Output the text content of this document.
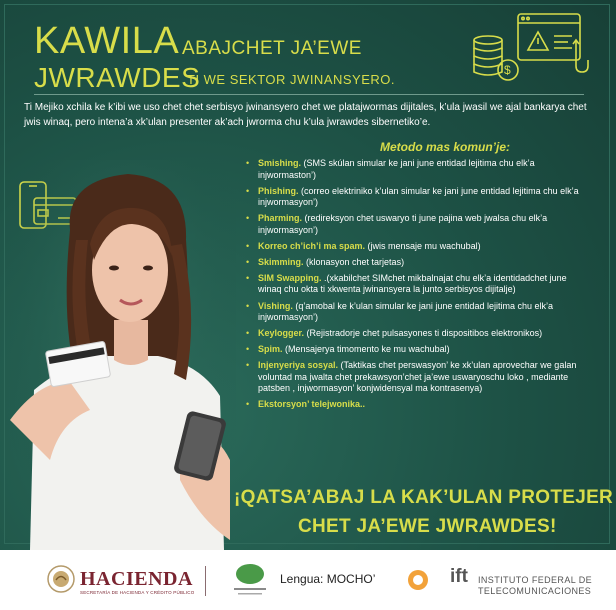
$
KAWILA ABAJCHET JA’EWE
JWRAWDES
TI WE SEKTOR JWINANSYERO.
Ti Mejiko xchila ke k’ibi we uso chet chet serbisyo jwinansyero chet we platajwormas dijitales, k’ula jwasil we ajal bankarya chet jwis winaq, pero intena’a xk’ulan presenter ak’ach jwrorma chu k’ula jwrawdes sibernetiko’e.
Metodo mas komun’je:
• Smishing. (SMS skúlan simular ke jani june entidad lejitima chu elk’a injwormaston’)
• Phishing. (correo elektriniko k’ulan simular ke jani june entidad lejitima chu elk’a injwormasyon’)
• Pharming. (redireksyon chet uswaryo ti june pajina web jwalsa chu elk’a injwormasyon’)
• Korreo ch’ich’i ma spam. (jwis mensaje mu wachubal)
• Skimming. (klonasyon chet tarjetas)
• SIM Swapping. .(xkabilchet SIMchet mikbalnajat chu elk’a identidadchet june winaq chu okta ti xkwenta jwinansyera la junto serbisyos dijitalje)
• Vishing. (q’amobal ke k’ulan simular ke jani june entidad lejitima chu elk’a injwormasyon’)
• Keylogger. (Rejistradorje chet pulsasyones ti dispositibos elektronikos)
• Spim. (Mensajerya timomento ke mu wachubal)
• Injenyeriya sosyal. (Taktikas chet perswasyon’ ke xk’ulan aprovechar we galan voluntad ma jwalta chet prekawsyon’chet ja’ewe uswaryoschu loko , mediante patsben , injwormasyon’ konjwidensyal ma kontrasenya)
• Ekstorsyon’ telejwonika..
¡QATSA’ABAJ LA KAK’ULAN PROTEJER
CHET JA’EWE JWRAWDES!
HACIENDA
SECRETARÍA DE HACIENDA Y CRÉDITO PÚBLICO
Lengua: MOCHO’	ift INSTITUTO FEDERAL DE
TELECOMUNICACIONES
